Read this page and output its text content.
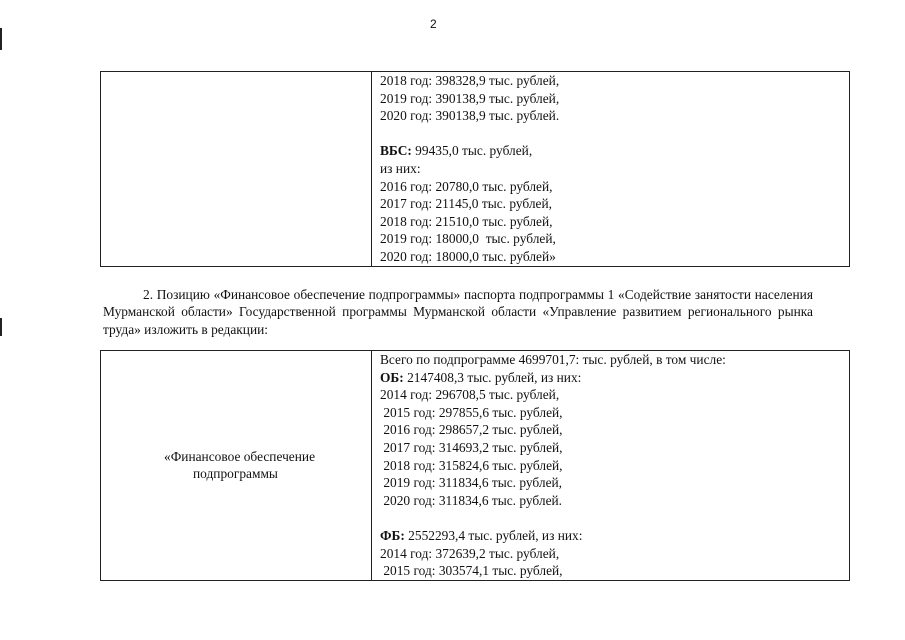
2

2018 год: 398328,9 тыс. рублей,
2019 год: 390138,9 тыс. рублей,
2020 год: 390138,9 тыс. рублей.
ВБС: 99435,0 тыс. рублей,
из них:
2016 год: 20780,0 тыс. рублей,
2017 год: 21145,0 тыс. рублей,
2018 год: 21510,0 тыс. рублей,
2019 год: 18000,0  тыс. рублей,
2020 год: 18000,0 тыс. рублей»
2. Позицию «Финансовое обеспечение подпрограммы» паспорта подпрограммы 1 «Содействие занятости населения Мурманской области» Государственной программы Мурманской области «Управление развитием регионального рынка труда» изложить в редакции:
«Финансовое обеспечение
подпрограммы

Всего по подпрограмме 4699701,7: тыс. рублей, в том числе:
ОБ: 2147408,3 тыс. рублей, из них:
2014 год: 296708,5 тыс. рублей,
2015 год: 297855,6 тыс. рублей,
2016 год: 298657,2 тыс. рублей,
2017 год: 314693,2 тыс. рублей,
2018 год: 315824,6 тыс. рублей,
2019 год: 311834,6 тыс. рублей,
2020 год: 311834,6 тыс. рублей.
ФБ: 2552293,4 тыс. рублей, из них:
2014 год: 372639,2 тыс. рублей,
2015 год: 303574,1 тыс. рублей,
